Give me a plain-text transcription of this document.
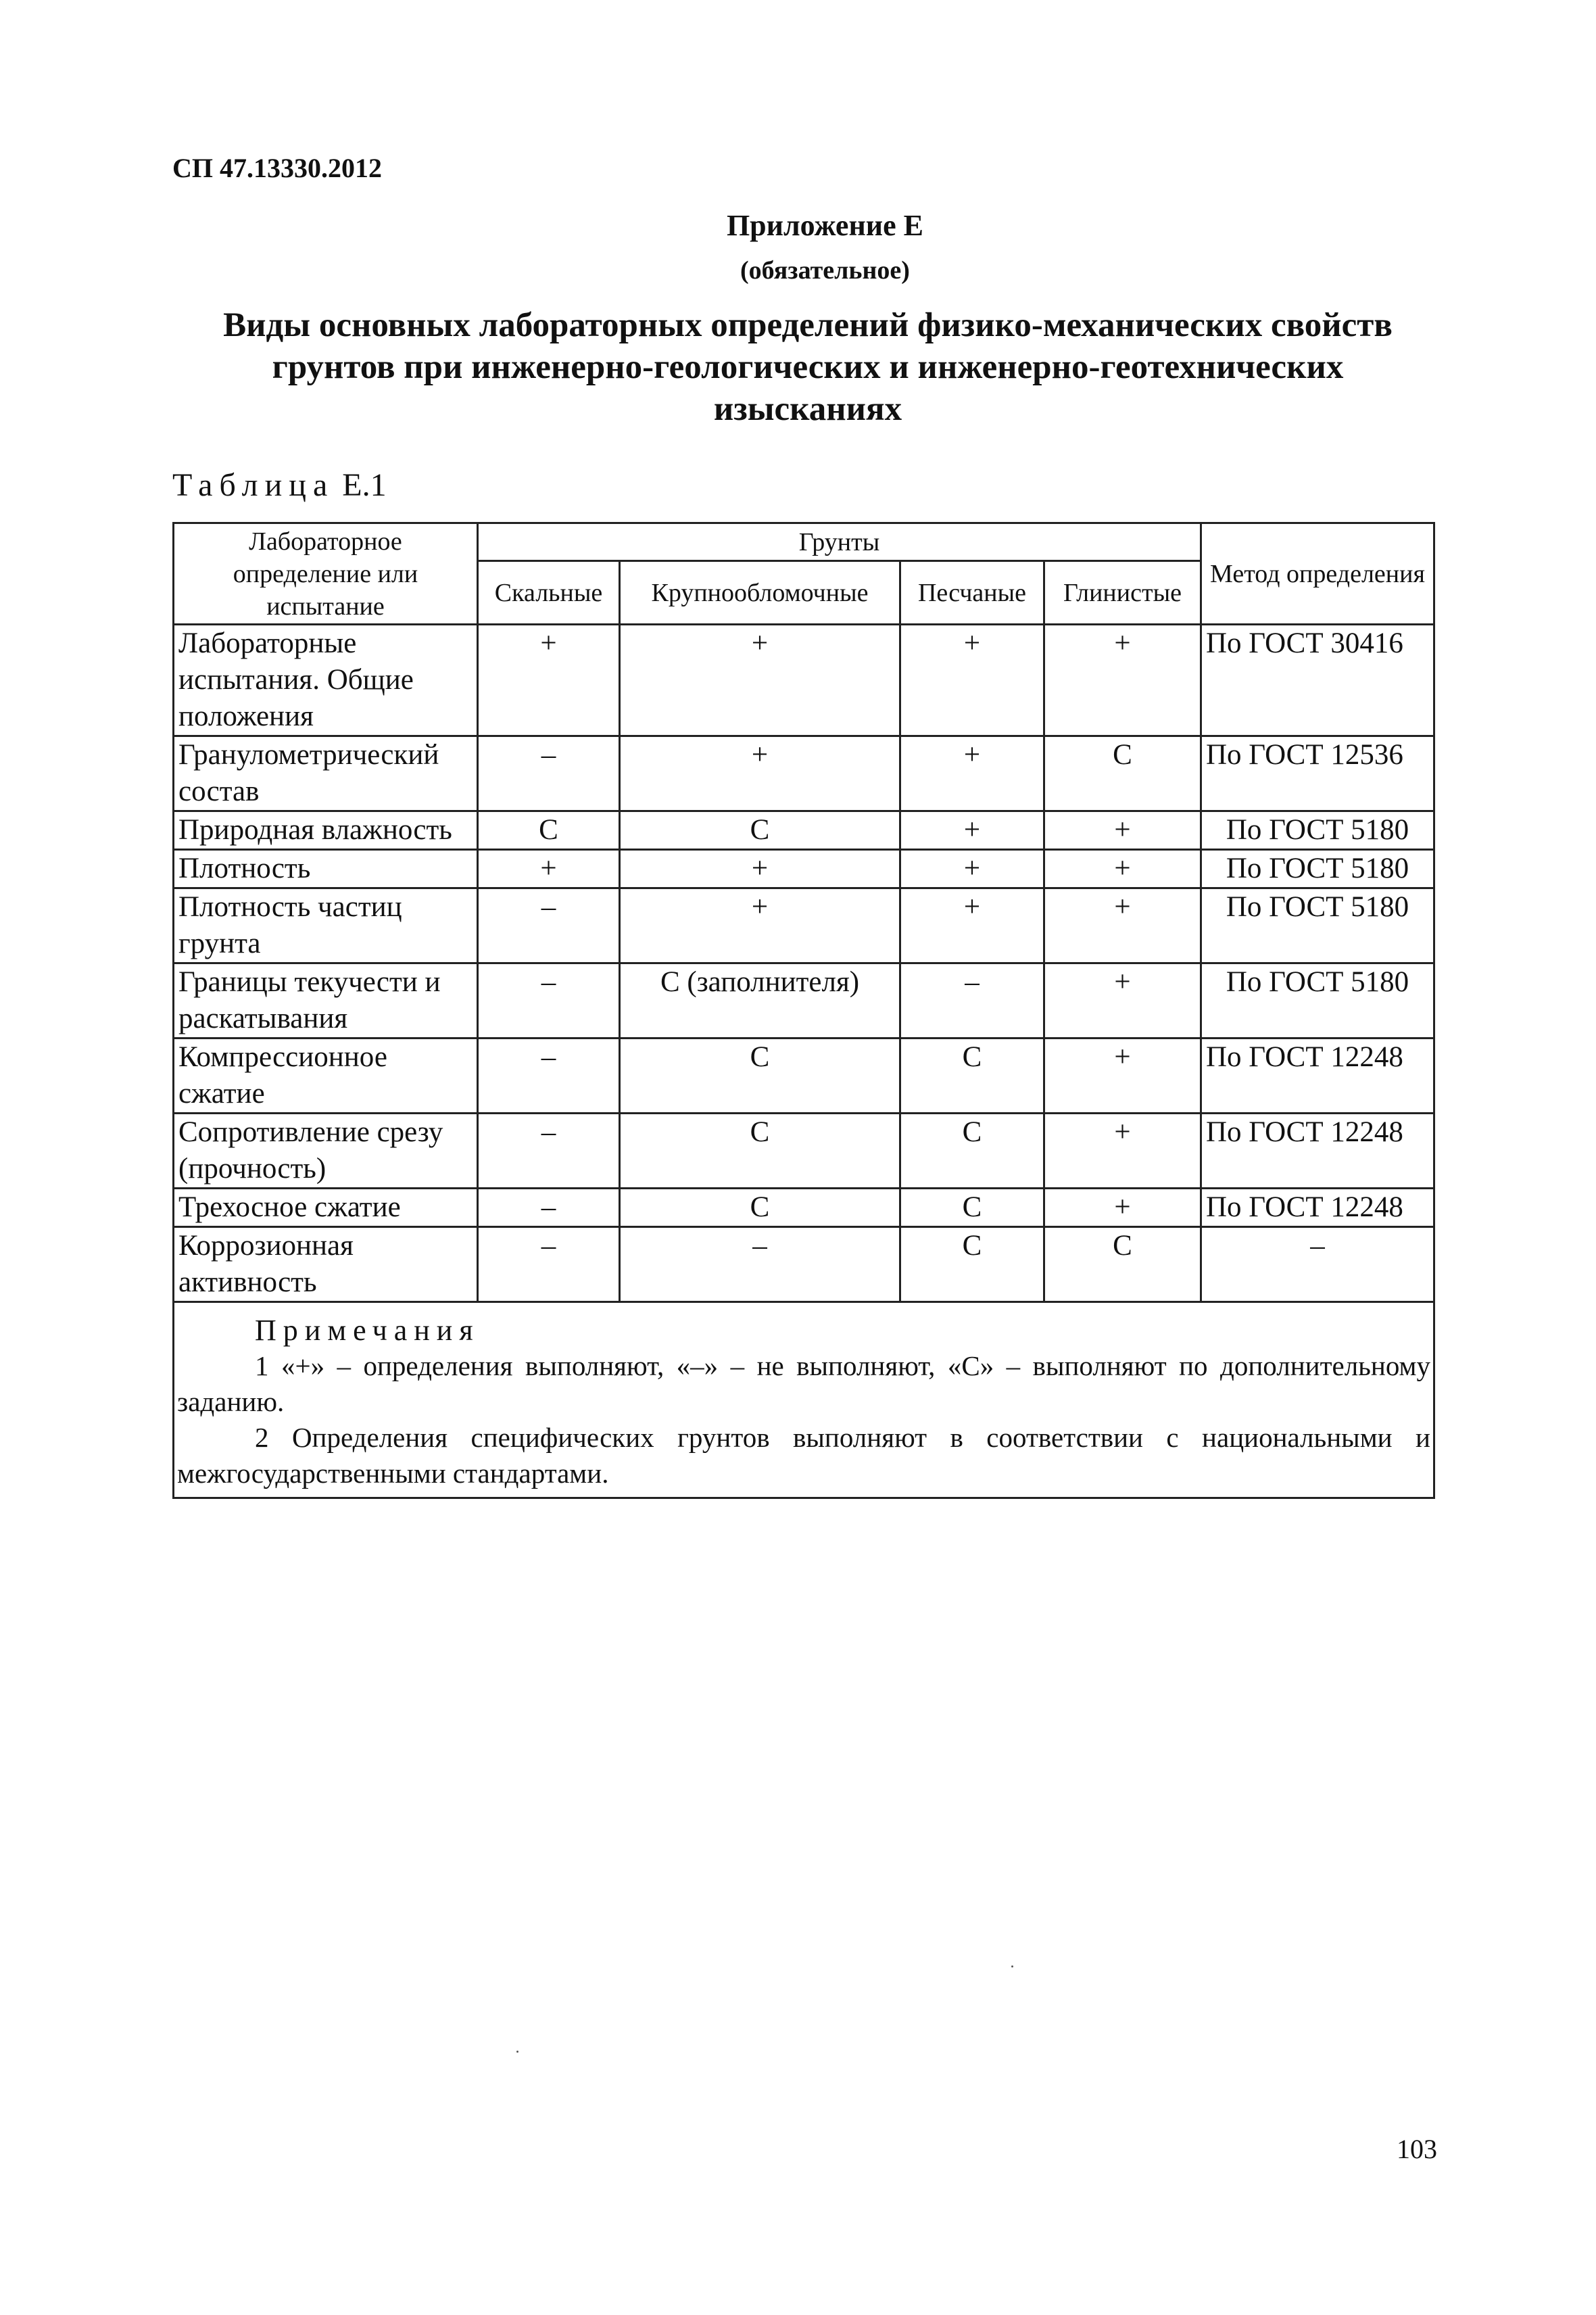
СП 47.13330.2012
Приложение Е
(обязательное)
Виды основных лабораторных определений физико-механических свойств
грунтов при инженерно-геологических и инженерно-геотехнических
изысканиях
Таблица Е.1
Лабораторное определение или испытание	Грунты				Метод определения
	Скальные	Крупнообломочные	Песчаные	Глинистые	
Лабораторные испытания. Общие положения	+	+	+	+	По ГОСТ 30416
Гранулометрический состав	–	+	+	С	По ГОСТ 12536
Природная влажность	С	С	+	+	По ГОСТ 5180
Плотность	+	+	+	+	По ГОСТ 5180
Плотность частиц грунта	–	+	+	+	По ГОСТ 5180
Границы текучести и раскатывания	–	С (заполнителя)	–	+	По ГОСТ 5180
Компрессионное сжатие	–	С	С	+	По ГОСТ 12248
Сопротивление срезу (прочность)	–	С	С	+	По ГОСТ 12248
Трехосное сжатие	–	С	С	+	По ГОСТ 12248
Коррозионная активность	–	–	С	С	–

Примечания
1 «+» – определения выполняют, «–» – не выполняют, «С» – выполняют по дополнительному заданию.
2 Определения специфических грунтов выполняют в соответствии с национальными и межгосударственными стандартами.					
103
